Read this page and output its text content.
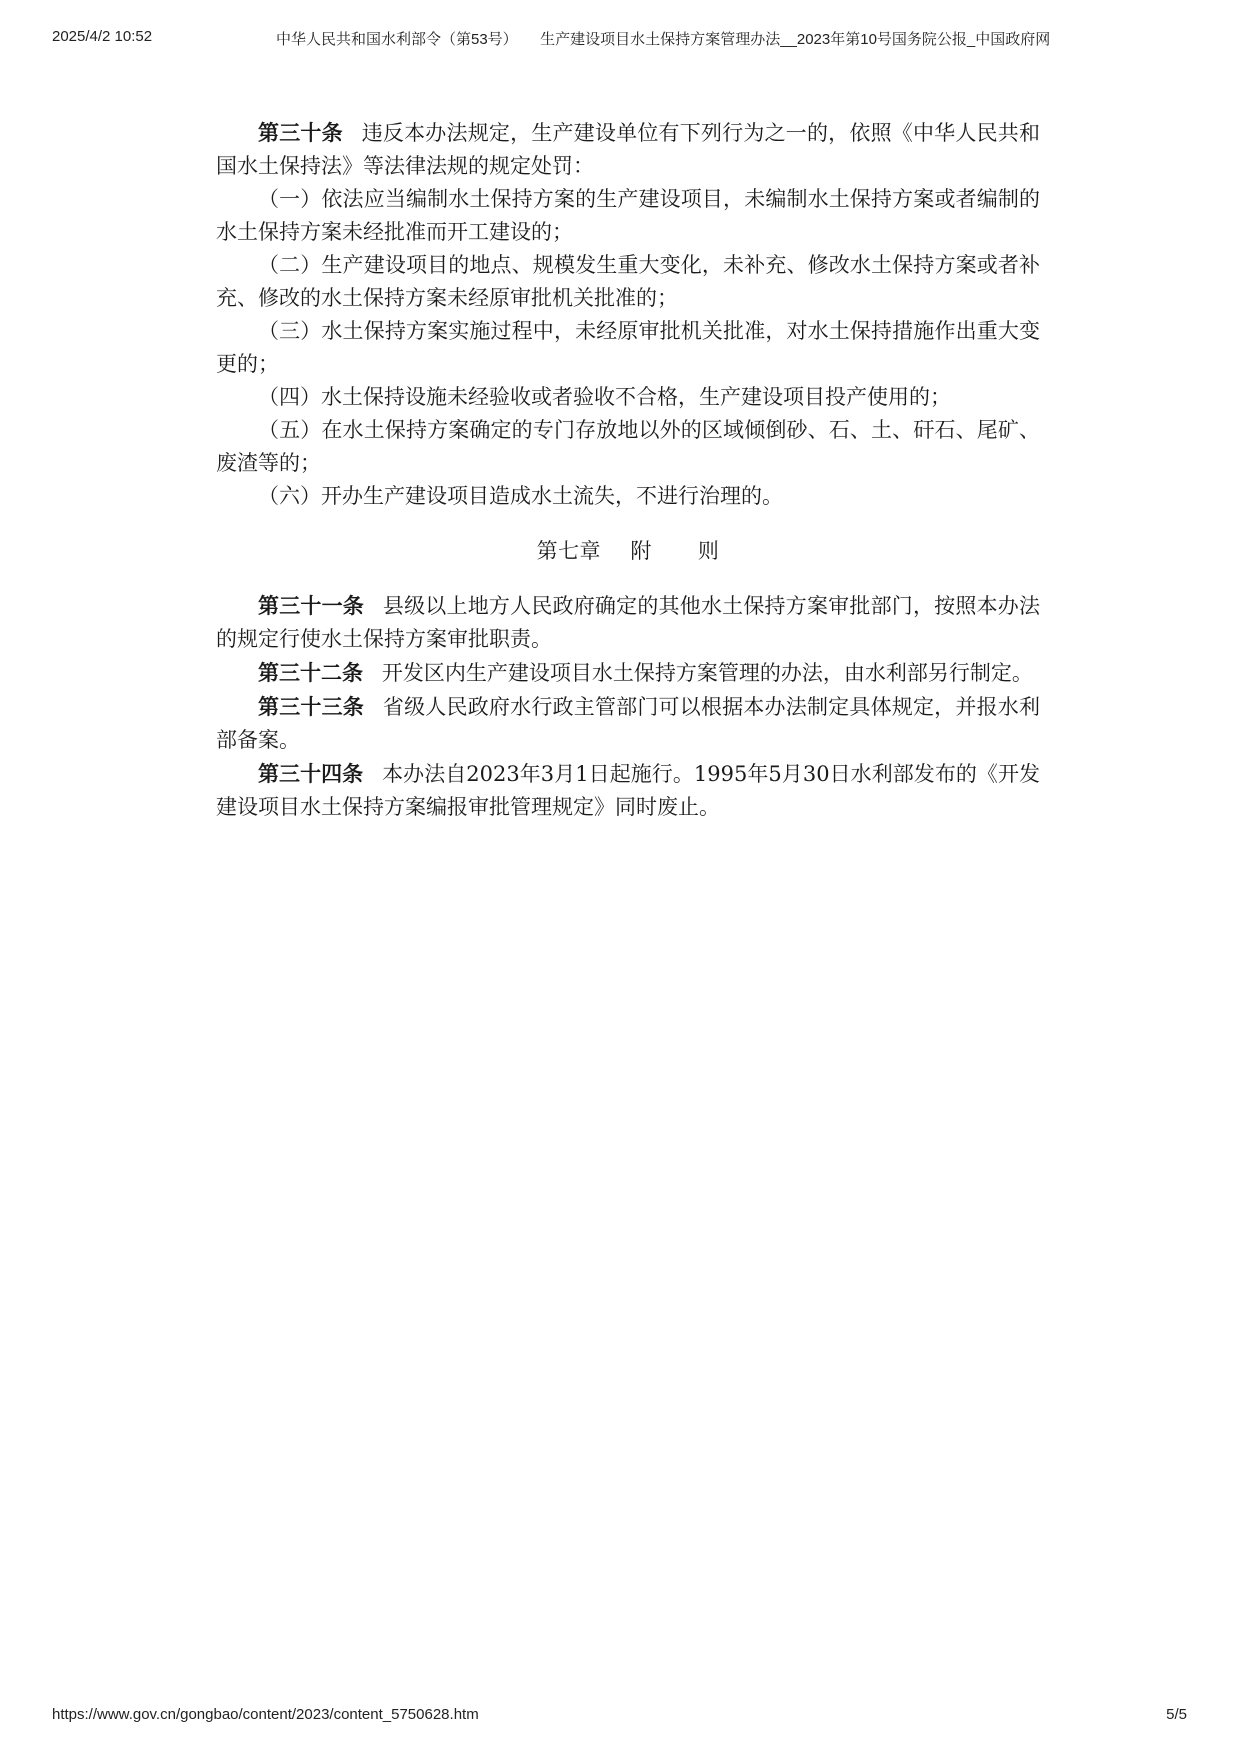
2025/4/2 10:52	中华人民共和国水利部令（第53号）　　生产建设项目水土保持方案管理办法__2023年第10号国务院公报_中国政府网

第三十条 违反本办法规定，生产建设单位有下列行为之一的，依照《中华人民共和国水土保持法》等法律法规的规定处罚：

（一）依法应当编制水土保持方案的生产建设项目，未编制水土保持方案或者编制的水土保持方案未经批准而开工建设的；

（二）生产建设项目的地点、规模发生重大变化，未补充、修改水土保持方案或者补充、修改的水土保持方案未经原审批机关批准的；

（三）水土保持方案实施过程中，未经原审批机关批准，对水土保持措施作出重大变更的；

（四）水土保持设施未经验收或者验收不合格，生产建设项目投产使用的；

（五）在水土保持方案确定的专门存放地以外的区域倾倒砂、石、土、矸石、尾矿、废渣等的；

（六）开办生产建设项目造成水土流失，不进行治理的。

第七章 附 则

第三十一条 县级以上地方人民政府确定的其他水土保持方案审批部门，按照本办法的规定行使水土保持方案审批职责。

第三十二条 开发区内生产建设项目水土保持方案管理的办法，由水利部另行制定。

第三十三条 省级人民政府水行政主管部门可以根据本办法制定具体规定，并报水利部备案。

第三十四条 本办法自2023年3月1日起施行。1995年5月30日水利部发布的《开发建设项目水土保持方案编报审批管理规定》同时废止。

https://www.gov.cn/gongbao/content/2023/content_5750628.htm	5/5
